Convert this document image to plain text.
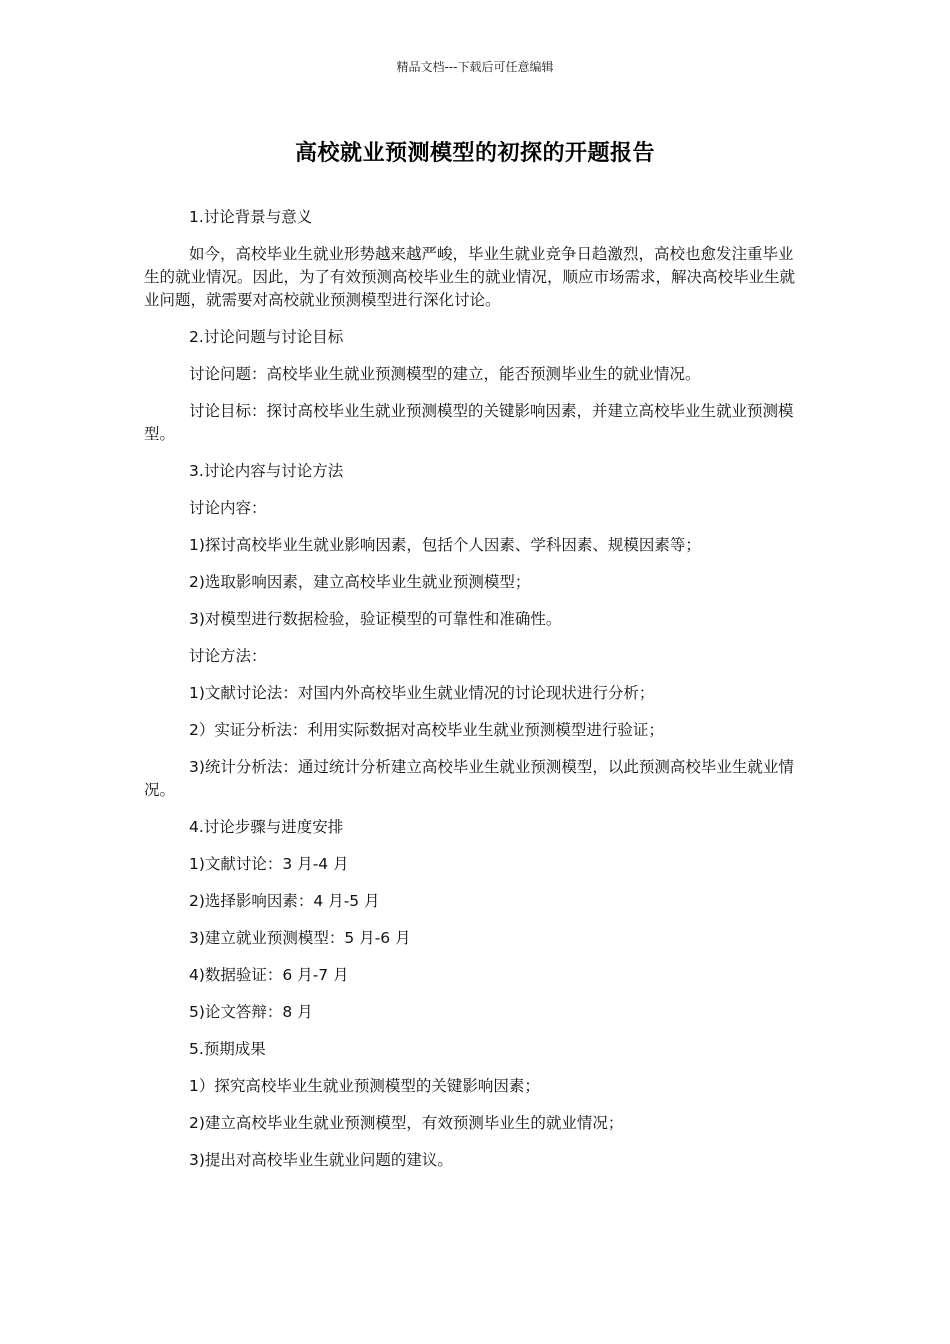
精品文档---下载后可任意编辑
高校就业预测模型的初探的开题报告

1.讨论背景与意义

如今，高校毕业生就业形势越来越严峻，毕业生就业竞争日趋激烈，高校也愈发注重毕业生的就业情况。因此，为了有效预测高校毕业生的就业情况，顺应市场需求，解决高校毕业生就业问题，就需要对高校就业预测模型进行深化讨论。

2.讨论问题与讨论目标

讨论问题：高校毕业生就业预测模型的建立，能否预测毕业生的就业情况。

讨论目标：探讨高校毕业生就业预测模型的关键影响因素，并建立高校毕业生就业预测模型。

3.讨论内容与讨论方法

讨论内容：

1)探讨高校毕业生就业影响因素，包括个人因素、学科因素、规模因素等；

2)选取影响因素，建立高校毕业生就业预测模型；

3)对模型进行数据检验，验证模型的可靠性和准确性。

讨论方法：

1)文献讨论法：对国内外高校毕业生就业情况的讨论现状进行分析；

2）实证分析法：利用实际数据对高校毕业生就业预测模型进行验证；

3)统计分析法：通过统计分析建立高校毕业生就业预测模型，以此预测高校毕业生就业情况。

4.讨论步骤与进度安排

1)文献讨论：3 月-4 月

2)选择影响因素：4 月-5 月

3)建立就业预测模型：5 月-6 月

4)数据验证：6 月-7 月

5)论文答辩：8 月

5.预期成果

1）探究高校毕业生就业预测模型的关键影响因素；

2)建立高校毕业生就业预测模型，有效预测毕业生的就业情况；

3)提出对高校毕业生就业问题的建议。
